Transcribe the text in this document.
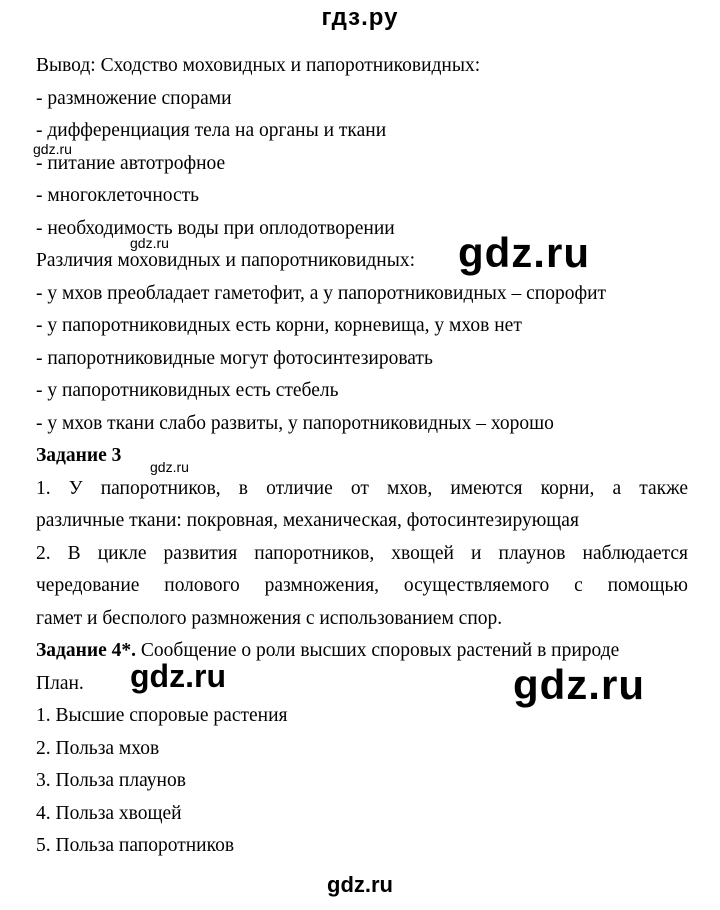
гдз.ру
Вывод: Сходство моховидных и папоротниковидных:
- размножение спорами
- дифференциация тела на органы и ткани
- питание автотрофное
- многоклеточность
- необходимость воды при оплодотворении
Различия моховидных и папоротниковидных:
- у мхов преобладает гаметофит, а у папоротниковидных – спорофит
- у папоротниковидных есть корни, корневища, у мхов нет
- папоротниковидные могут фотосинтезировать
- у папоротниковидных есть стебель
- у мхов ткани слабо развиты, у папоротниковидных – хорошо
Задание 3
1. У папоротников, в отличие от мхов, имеются корни, а также
различные ткани: покровная, механическая, фотосинтезирующая
2. В цикле развития папоротников, хвощей и плаунов наблюдается
чередование полового размножения, осуществляемого с помощью
гамет и бесполого размножения с использованием спор.
Задание 4*. Сообщение о роли высших споровых растений в природе
План.
1. Высшие споровые растения
2. Польза мхов
3. Польза плаунов
4. Польза хвощей
5. Польза папоротников
gdz.ru
gdz.ru
gdz.ru
gdz.ru
gdz.ru	gdz.ru
gdz.ru
